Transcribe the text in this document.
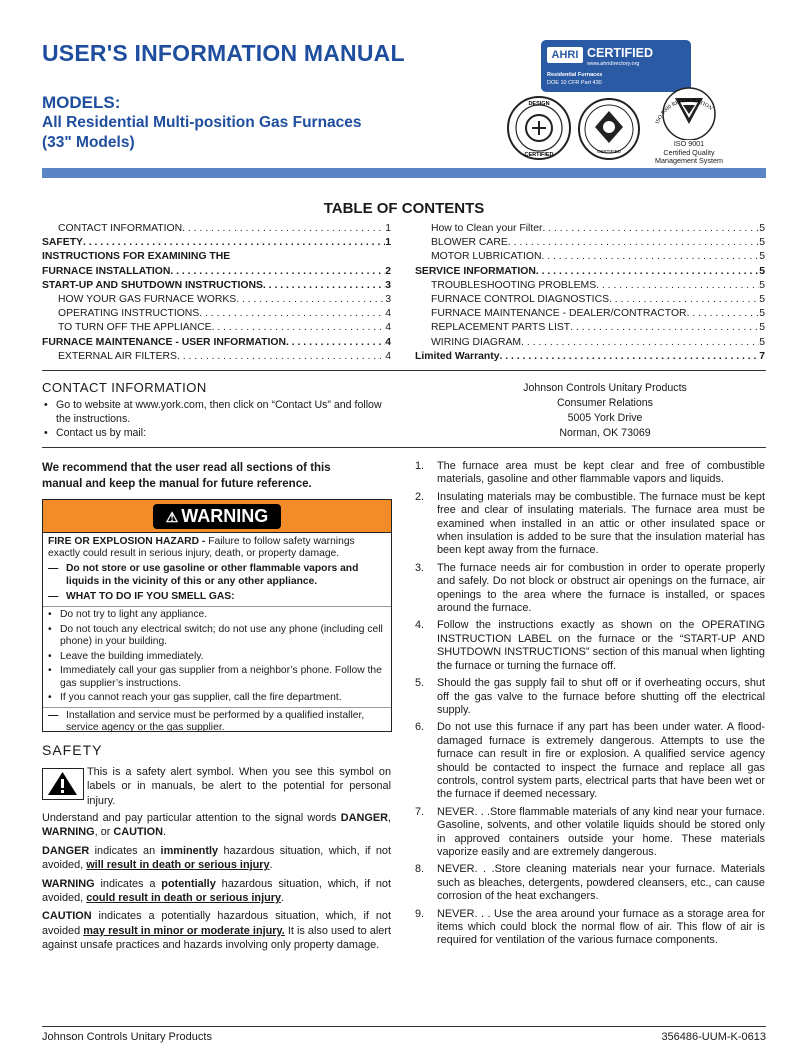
USER'S INFORMATION MANUAL
MODELS:
All Residential Multi-position Gas Furnaces
(33" Models)
AHRI CERTIFIED
www.ahridirectory.org
Residential Furnaces
DOE 10 CFR Part 430
DESIGN
CERTIFIED
CERTIFIED
ISO 9000 REGISGRATION
ISO 9001
Certified Quality
Management System
TABLE OF CONTENTS
CONTACT INFORMATION . . .	1
SAFETY . . .	1
INSTRUCTIONS FOR EXAMINING THE
FURNACE INSTALLATION . . .	2
START-UP AND SHUTDOWN INSTRUCTIONS . . .	3
HOW YOUR GAS FURNACE WORKS . . .	3
OPERATING INSTRUCTIONS . . .	4
TO TURN OFF THE APPLIANCE . . .	4
FURNACE MAINTENANCE - USER INFORMATION . . .	4
EXTERNAL AIR FILTERS . . .	4
How to Clean your Filter . . .	5
BLOWER CARE . . .	5
MOTOR LUBRICATION . . .	5
SERVICE INFORMATION . . .	5
TROUBLESHOOTING PROBLEMS . . .	5
FURNACE CONTROL DIAGNOSTICS . . .	5
FURNACE MAINTENANCE - DEALER/CONTRACTOR . . .	5
REPLACEMENT PARTS LIST . . .	5
WIRING DIAGRAM . . .	5
Limited Warranty . . .	7
CONTACT INFORMATION
• Go to website at www.york.com, then click on “Contact Us” and follow the instructions.
• Contact us by mail:
Johnson Controls Unitary Products
Consumer Relations
5005 York Drive
Norman, OK 73069
We recommend that the user read all sections of this manual and keep the manual for future reference.
⚠ WARNING

FIRE OR EXPLOSION HAZARD - Failure to follow safety warnings exactly could result in serious injury, death, or property damage.

— Do not store or use gasoline or other flammable vapors and liquids in the vicinity of this or any other appliance.
— WHAT TO DO IF YOU SMELL GAS:
• Do not try to light any appliance.
• Do not touch any electrical switch; do not use any phone (including cell phone) in your building.
• Leave the building immediately.
• Immediately call your gas supplier from a neighbor’s phone. Follow the gas supplier’s instructions.
• If you cannot reach your gas supplier, call the fire department.
— Installation and service must be performed by a qualified installer, service agency or the gas supplier.
SAFETY
This is a safety alert symbol. When you see this symbol on labels or in manuals, be alert to the potential for personal injury.

Understand and pay particular attention to the signal words DANGER, WARNING, or CAUTION.

DANGER indicates an imminently hazardous situation, which, if not avoided, will result in death or serious injury.

WARNING indicates a potentially hazardous situation, which, if not avoided, could result in death or serious injury.

CAUTION indicates a potentially hazardous situation, which, if not avoided may result in minor or moderate injury. It is also used to alert against unsafe practices and hazards involving only property damage.

1.	The furnace area must be kept clear and free of combustible materials, gasoline and other flammable vapors and liquids.
2.	Insulating materials may be combustible. The furnace must be kept free and clear of insulating materials. The furnace area must be examined when installed in an attic or other insulated space or when insulation is added to be sure that the insulation material has been kept away from the furnace.
3.	The furnace needs air for combustion in order to operate properly and safely. Do not block or obstruct air openings on the furnace, air openings to the area where the furnace is installed, or spaces around the furnace.
4.	Follow the instructions exactly as shown on the OPERATING INSTRUCTION LABEL on the furnace or the “START-UP AND SHUTDOWN INSTRUCTIONS” section of this manual when lighting the furnace or turning the furnace off.
5.	Should the gas supply fail to shut off or if overheating occurs, shut off the gas valve to the furnace before shutting off the electrical supply.
6.	Do not use this furnace if any part has been under water. A flood-damaged furnace is extremely dangerous. Attempts to use the furnace can result in fire or explosion. A qualified service agency should be contacted to inspect the furnace and replace all gas controls, control system parts, electrical parts that have been wet or the furnace if deemed necessary.
7.	NEVER. . .Store flammable materials of any kind near your furnace. Gasoline, solvents, and other volatile liquids should be stored only in approved containers outside your home. These materials vaporize easily and are extremely dangerous.
8.	NEVER. . .Store cleaning materials near your furnace. Materials such as bleaches, detergents, powdered cleansers, etc., can cause corrosion of the heat exchangers.
9.	NEVER. . . Use the area around your furnace as a storage area for items which could block the normal flow of air. This flow of air is required for ventilation of the various furnace components.
Johnson Controls Unitary Products	356486-UUM-K-0613
